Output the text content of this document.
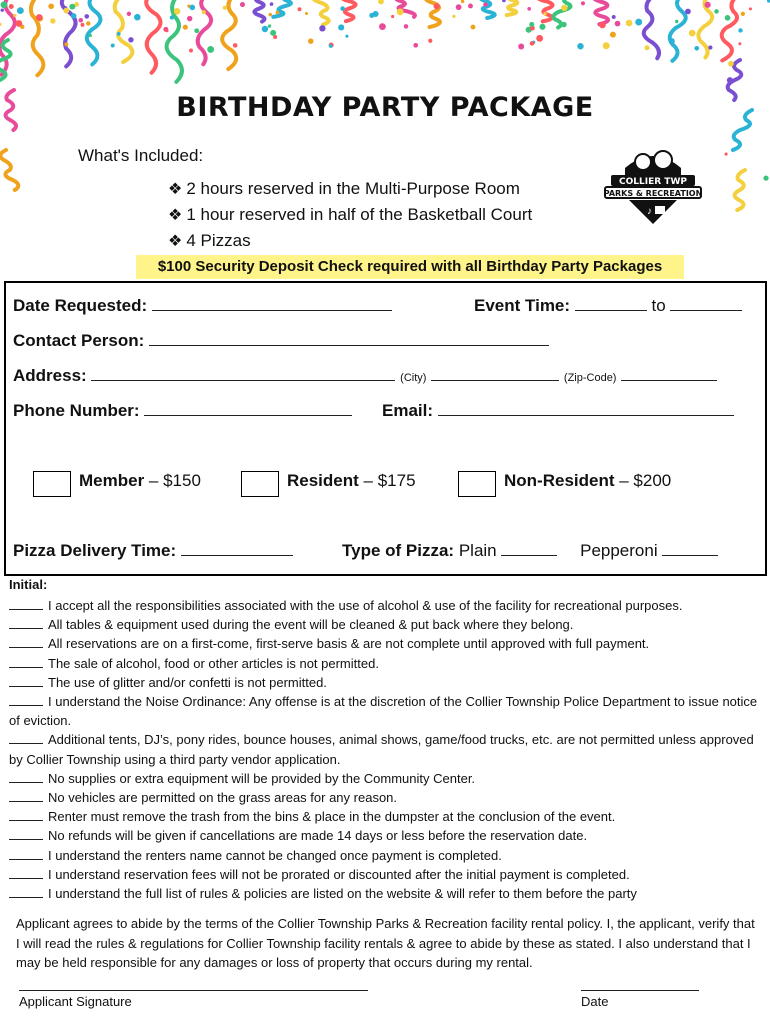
BIRTHDAY PARTY PACKAGE
What's Included:
❖ 2 hours reserved in the Multi-Purpose Room
❖ 1 hour reserved in half of the Basketball Court
❖ 4 Pizzas
COLLIER TWP
PARKS & RECREATION
♪
$100 Security Deposit Check required with all Birthday Party Packages
Date Requested:	Event Time:	to
Contact Person:
Address:	(City)	(Zip-Code)
Phone Number:	Email:
Member – $150	Resident – $175	Non-Resident – $200
Pizza Delivery Time:	Type of Pizza: Plain	Pepperoni
Initial:
I accept all the responsibilities associated with the use of alcohol & use of the facility for recreational purposes.
All tables & equipment used during the event will be cleaned & put back where they belong.
All reservations are on a first-come, first-serve basis & are not complete until approved with full payment.
The sale of alcohol, food or other articles is not permitted.
The use of glitter and/or confetti is not permitted.
I understand the Noise Ordinance: Any offense is at the discretion of the Collier Township Police Department to issue notice of eviction.
Additional tents, DJ’s, pony rides, bounce houses, animal shows, game/food trucks, etc. are not permitted unless approved by Collier Township using a third party vendor application.
No supplies or extra equipment will be provided by the Community Center.
No vehicles are permitted on the grass areas for any reason.
Renter must remove the trash from the bins & place in the dumpster at the conclusion of the event.
No refunds will be given if cancellations are made 14 days or less before the reservation date.
I understand the renters name cannot be changed once payment is completed.
I understand reservation fees will not be prorated or discounted after the initial payment is completed.
I understand the full list of rules & policies are listed on the website & will refer to them before the party
Applicant agrees to abide by the terms of the Collier Township Parks & Recreation facility rental policy. I, the applicant, verify that I will read the rules & regulations for Collier Township facility rentals & agree to abide by these as stated. I also understand that I may be held responsible for any damages or loss of property that occurs during my rental.
Applicant Signature	Date
